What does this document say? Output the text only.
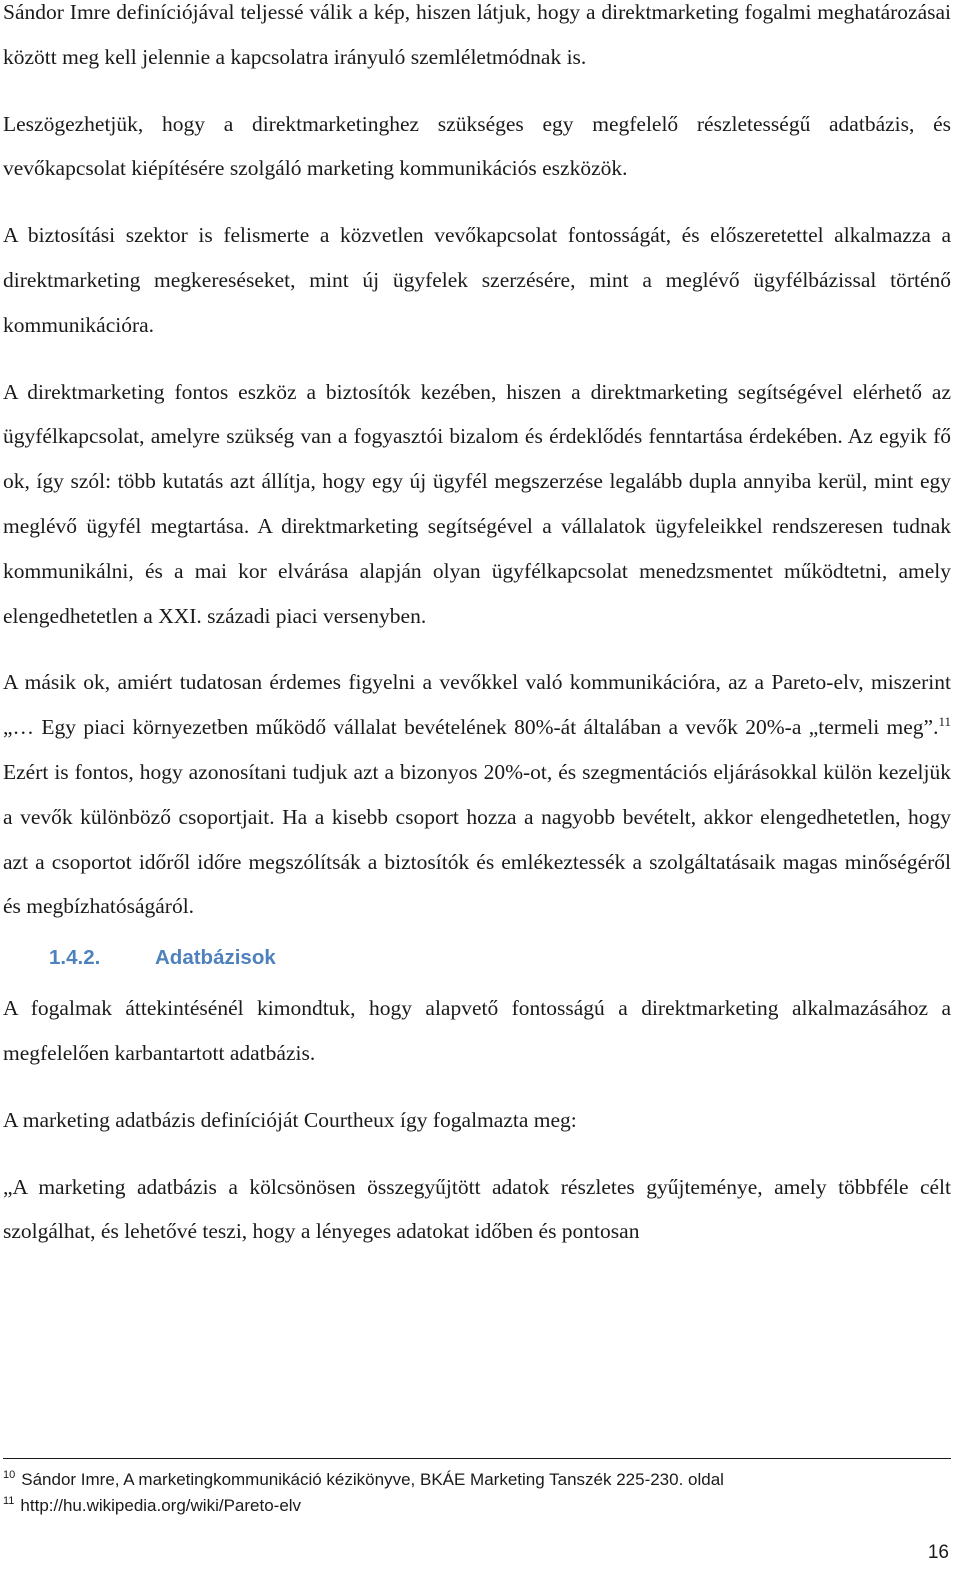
Sándor Imre definíciójával teljessé válik a kép, hiszen látjuk, hogy a direktmarketing fogalmi meghatározásai között meg kell jelennie a kapcsolatra irányuló szemléletmódnak is.

Leszögezhetjük, hogy a direktmarketinghez szükséges egy megfelelő részletességű adatbázis, és vevőkapcsolat kiépítésére szolgáló marketing kommunikációs eszközök.

A biztosítási szektor is felismerte a közvetlen vevőkapcsolat fontosságát, és előszeretettel alkalmazza a direktmarketing megkereséseket, mint új ügyfelek szerzésére, mint a meglévő ügyfélbázissal történő kommunikációra.

A direktmarketing fontos eszköz a biztosítók kezében, hiszen a direktmarketing segítségével elérhető az ügyfélkapcsolat, amelyre szükség van a fogyasztói bizalom és érdeklődés fenntartása érdekében. Az egyik fő ok, így szól: több kutatás azt állítja, hogy egy új ügyfél megszerzése legalább dupla annyiba kerül, mint egy meglévő ügyfél megtartása. A direktmarketing segítségével a vállalatok ügyfeleikkel rendszeresen tudnak kommunikálni, és a mai kor elvárása alapján olyan ügyfélkapcsolat menedzsmentet működtetni, amely elengedhetetlen a XXI. századi piaci versenyben.

A másik ok, amiért tudatosan érdemes figyelni a vevőkkel való kommunikációra, az a Pareto-elv, miszerint „… Egy piaci környezetben működő vállalat bevételének 80%-át általában a vevők 20%-a „termeli meg”.$^{11}$ Ezért is fontos, hogy azonosítani tudjuk azt a bizonyos 20%-ot, és szegmentációs eljárásokkal külön kezeljük a vevők különböző csoportjait. Ha a kisebb csoport hozza a nagyobb bevételt, akkor elengedhetetlen, hogy azt a csoportot időről időre megszólítsák a biztosítók és emlékeztessék a szolgáltatásaik magas minőségéről és megbízhatóságáról.

1.4.2.	Adatbázisok

A fogalmak áttekintésénél kimondtuk, hogy alapvető fontosságú a direktmarketing alkalmazásához a megfelelően karbantartott adatbázis.

A marketing adatbázis definícióját Courtheux így fogalmazta meg:

„A marketing adatbázis a kölcsönösen összegyűjtött adatok részletes gyűjteménye, amely többféle célt szolgálhat, és lehetővé teszi, hogy a lényeges adatokat időben és pontosan

$^{10}$ Sándor Imre, A marketingkommunikáció kézikönyve, BKÁE Marketing Tanszék 225-230. oldal
$^{11}$ http://hu.wikipedia.org/wiki/Pareto-elv
16
